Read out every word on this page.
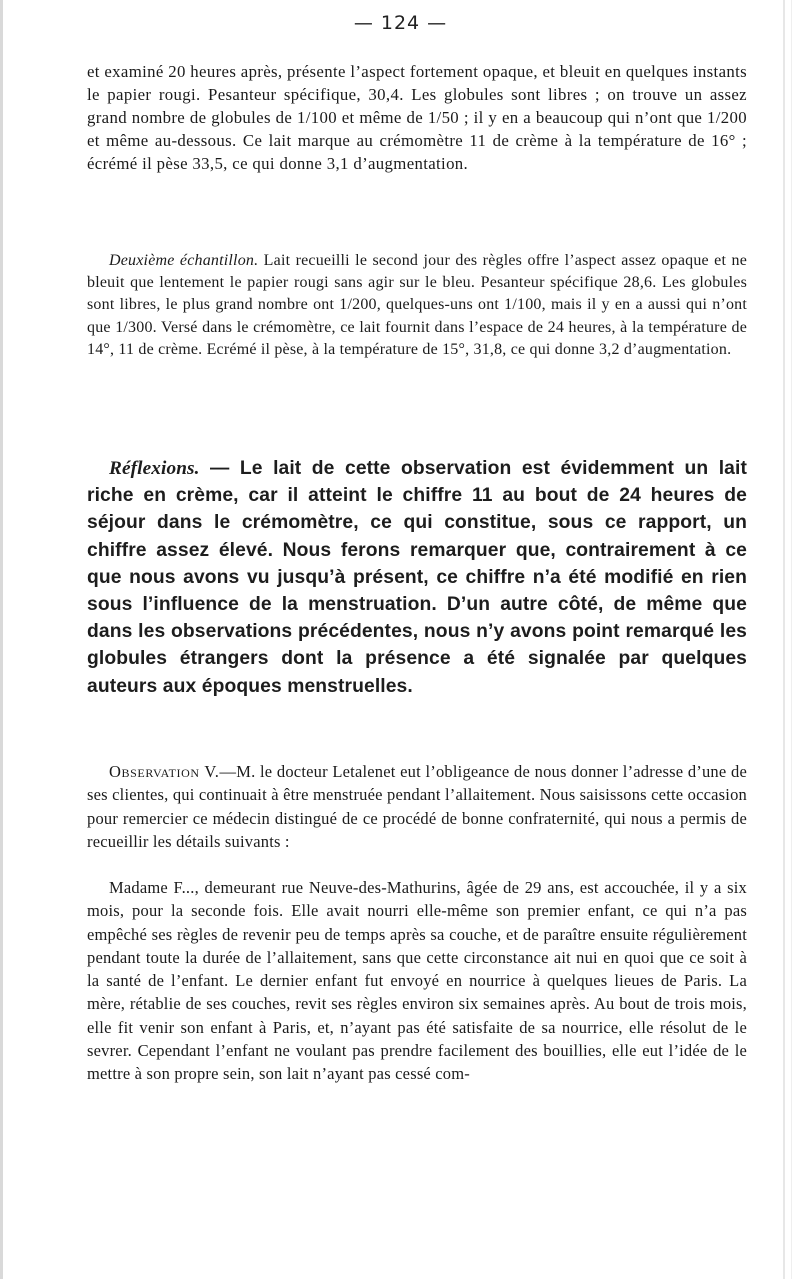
— 124 —

et examiné 20 heures après, présente l’aspect fortement opaque, et bleuit en quelques instants le papier rougi. Pesanteur spécifique, 30,4. Les globules sont libres ; on trouve un assez grand nombre de globules de 1/100 et même de 1/50 ; il y en a beaucoup qui n’ont que 1/200 et même au-dessous. Ce lait marque au crémomètre 11 de crème à la température de 16° ; écrémé il pèse 33,5, ce qui donne 3,1 d’augmentation.

Deuxième échantillon. Lait recueilli le second jour des règles offre l’aspect assez opaque et ne bleuit que lentement le papier rougi sans agir sur le bleu. Pesanteur spécifique 28,6. Les globules sont libres, le plus grand nombre ont 1/200, quelques-uns ont 1/100, mais il y en a aussi qui n’ont que 1/300. Versé dans le crémomètre, ce lait fournit dans l’espace de 24 heures, à la température de 14°, 11 de crème. Ecrémé il pèse, à la température de 15°, 31,8, ce qui donne 3,2 d’augmentation.

Réflexions. — Le lait de cette observation est évidemment un lait riche en crème, car il atteint le chiffre 11 au bout de 24 heures de séjour dans le crémomètre, ce qui constitue, sous ce rapport, un chiffre assez élevé. Nous ferons remarquer que, contrairement à ce que nous avons vu jusqu’à présent, ce chiffre n’a été modifié en rien sous l’influence de la menstruation. D’un autre côté, de même que dans les observations précédentes, nous n’y avons point remarqué les globules étrangers dont la présence a été signalée par quelques auteurs aux époques menstruelles.

Observation V.—M. le docteur Letalenet eut l’obligeance de nous donner l’adresse d’une de ses clientes, qui continuait à être menstruée pendant l’allaitement. Nous saisissons cette occasion pour remercier ce médecin distingué de ce procédé de bonne confraternité, qui nous a permis de recueillir les détails suivants :

Madame F..., demeurant rue Neuve-des-Mathurins, âgée de 29 ans, est accouchée, il y a six mois, pour la seconde fois. Elle avait nourri elle-même son premier enfant, ce qui n’a pas empêché ses règles de revenir peu de temps après sa couche, et de paraître ensuite régulièrement pendant toute la durée de l’allaitement, sans que cette circonstance ait nui en quoi que ce soit à la santé de l’enfant. Le dernier enfant fut envoyé en nourrice à quelques lieues de Paris. La mère, rétablie de ses couches, revit ses règles environ six semaines après. Au bout de trois mois, elle fit venir son enfant à Paris, et, n’ayant pas été satisfaite de sa nourrice, elle résolut de le sevrer. Cependant l’enfant ne voulant pas prendre facilement des bouillies, elle eut l’idée de le mettre à son propre sein, son lait n’ayant pas cessé com-
